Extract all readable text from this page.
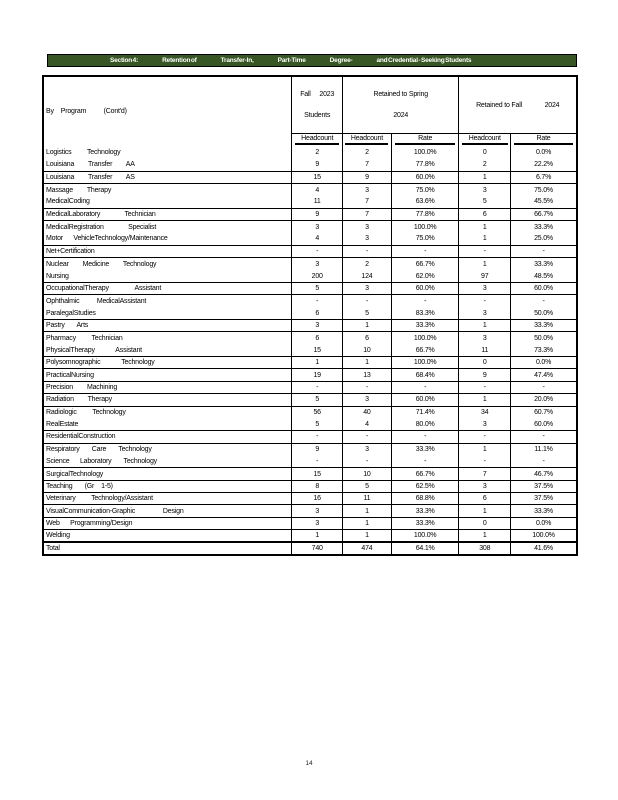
Section 4:	Retention of	Transfer-In,	Part-Time	Degree-	and Credential - Seeking Students
By    Program          (Cont'd)	

Fall     2023

Students

Retained to Spring

2024

Retained to Fall             2024

	Headcount	Headcount	Rate	Headcount	Rate
Logistics         Technology	2	2	100.0%	0	0.0%
Louisiana        Transfer        AA	9	7	77.8%	2	22.2%
Louisiana        Transfer        AS	15	9	60.0%	1	6.7%
Massage        Therapy	4	3	75.0%	3	75.0%
MedicalCoding	11	7	63.6%	5	45.5%
MedicalLaboratory              Technician	9	7	77.8%	6	66.7%
MedicalRegistration              Specialist	3	3	100.0%	1	33.3%
Motor      VehicleTechnology/Maintenance	4	3	75.0%	1	25.0%
Net+Certification	-	-	-	-	-
Nuclear        Medicine        Technology	3	2	66.7%	1	33.3%
Nursing	200	124	62.0%	97	48.5%
OccupationalTherapy               Assistant	5	3	60.0%	3	60.0%
Ophthalmic          MedicalAssistant	-	-	-	-	-
ParalegalStudies	6	5	83.3%	3	50.0%
Pastry       Arts	3	1	33.3%	1	33.3%
Pharmacy         Technician	6	6	100.0%	3	50.0%
PhysicalTherapy            Assistant	15	10	66.7%	11	73.3%
Polysomnographic            Technology	1	1	100.0%	0	0.0%
PracticalNursing	19	13	68.4%	9	47.4%
Precision        Machining	-	-	-	-	-
Radiation        Therapy	5	3	60.0%	1	20.0%
Radiologic         Technology	56	40	71.4%	34	60.7%
RealEstate	5	4	80.0%	3	60.0%
ResidentialConstruction	-	-	-	-	-
Respiratory       Care       Technology	9	3	33.3%	1	11.1%
Science      Laboratory       Technology	-	-	-	-	-
SurgicalTechnology	15	10	66.7%	7	46.7%
Teaching       (Gr    1-5)	8	5	62.5%	3	37.5%
Veterinary         Technology/Assistant	16	11	68.8%	6	37.5%
VisualCommunication-Graphic                Design	3	1	33.3%	1	33.3%
Web      Programming/Design	3	1	33.3%	0	0.0%
Welding	1	1	100.0%	1	100.0%
Total	740	474	64.1%	308	41.6%
14
